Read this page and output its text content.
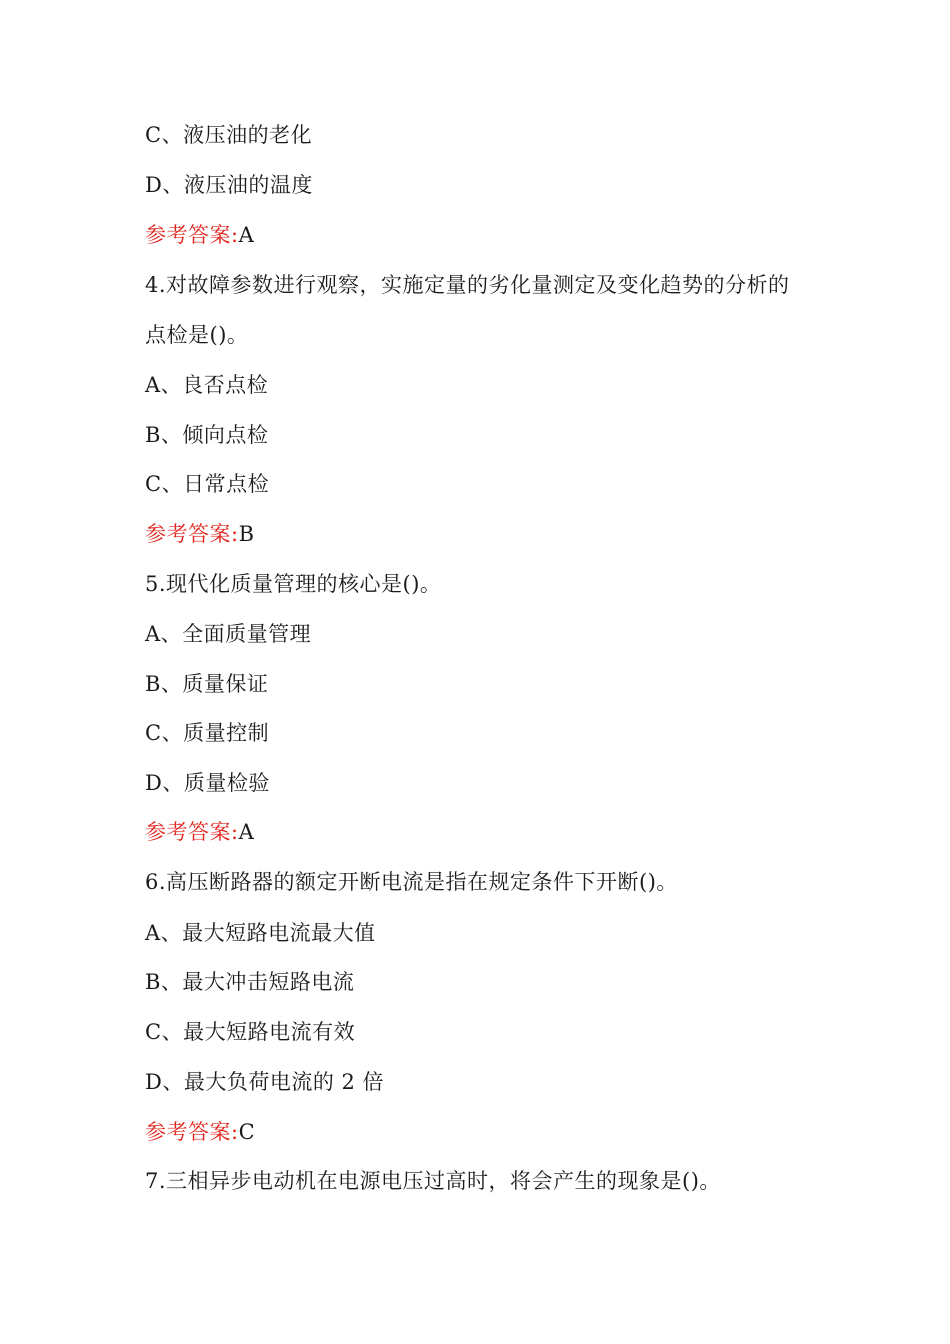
C、液压油的老化
D、液压油的温度
参考答案:A
4.对故障参数进行观察，实施定量的劣化量测定及变化趋势的分析的
点检是()。
A、良否点检
B、倾向点检
C、日常点检
参考答案:B
5.现代化质量管理的核心是()。
A、全面质量管理
B、质量保证
C、质量控制
D、质量检验
参考答案:A
6.高压断路器的额定开断电流是指在规定条件下开断()。
A、最大短路电流最大值
B、最大冲击短路电流
C、最大短路电流有效
D、最大负荷电流的 2 倍
参考答案:C
7.三相异步电动机在电源电压过高时，将会产生的现象是()。
